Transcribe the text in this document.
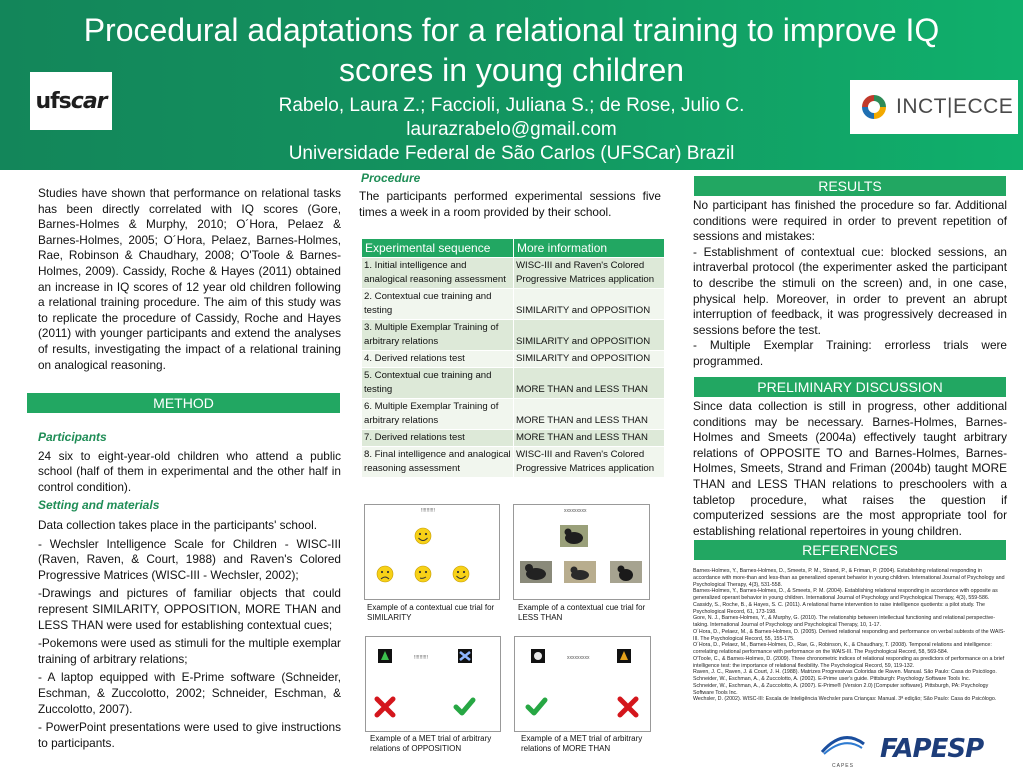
Procedural adaptations for a relational training to improve IQ scores in young children
ufs car	Rabelo, Laura Z.; Faccioli, Juliana S.; de Rose, Julio C.
laurazrabelo@gmail.com
Universidade Federal de São Carlos (UFSCar) Brazil
INCT|ECCE
Studies have shown that performance on relational tasks has been directly correlated with IQ scores (Gore, Barnes-Holmes & Murphy, 2010; O´Hora, Pelaez & Barnes-Holmes, 2005; O´Hora, Pelaez, Barnes-Holmes, Rae, Robinson & Chaudhary, 2008; O'Toole & Barnes-Holmes, 2009). Cassidy, Roche & Hayes (2011) obtained an increase in IQ scores of 12 year old children following a relational training procedure. The aim of this study was to replicate the procedure of Cassidy, Roche and Hayes (2011) with younger participants and extend the analyses of results, investigating the impact of a relational training on analogical reasoning.
METHOD
Participants
24 six to eight-year-old children who attend a public school (half of them in experimental and the other half in control condition).
Setting and materials
Data collection takes place in the participants' school.
- Wechsler Intelligence Scale for Children - WISC-III (Raven, Raven, & Court, 1988) and Raven's Colored Progressive Matrices (WISC-III - Wechsler, 2002);
-Drawings and pictures of familiar objects that could represent SIMILARITY, OPPOSITION, MORE THAN and LESS THAN were used for establishing contextual cues;
-Pokemons were used as stimuli for the multiple exemplar training of arbitrary relations;
- A laptop equipped with E-Prime software (Schneider, Eschman, & Zuccolotto, 2002; Schneider, Eschman, & Zuccolotto, 2007).
- PowerPoint presentations were used to give instructions to participants.
Procedure
The participants performed experimental sessions five times a week in a room provided by their school.
Experimental sequence	More information
1. Initial intelligence and analogical reasoning assessment	WISC-III and Raven's Colored Progressive Matrices application
2. Contextual cue training and testing	SIMILARITY and OPPOSITION
3. Multiple Exemplar Training of arbitrary relations	SIMILARITY and OPPOSITION
4. Derived relations test	SIMILARITY and OPPOSITION
5. Contextual cue training and testing	MORE THAN and LESS THAN
6. Multiple Exemplar Training of arbitrary relations	MORE THAN and LESS THAN
7. Derived relations test	MORE THAN and LESS THAN
8. Final intelligence and analogical reasoning assessment	WISC-III and Raven's Colored Progressive Matrices application
!!!!!!!!!!
Example of a contextual cue trial for SIMILARITY
xxxxxxxxx
Example of a contextual cue trial for LESS THAN
!!!!!!!!!!
Example of a MET trial of arbitrary relations of OPPOSITION
xxxxxxxxx
Example of a MET trial of arbitrary relations of MORE THAN
RESULTS
No participant has finished the procedure so far. Additional conditions were required in order to prevent repetition of sessions and mistakes:
- Establishment of contextual cue: blocked sessions, an intraverbal protocol (the experimenter asked the participant to describe the stimuli on the screen) and, in one case, physical help. Moreover, in order to prevent an abrupt interruption of feedback, it was progressively decreased in sessions before the test.
- Multiple Exemplar Training: errorless trials were programmed.
PRELIMINARY DISCUSSION
Since data collection is still in progress, other additional conditions may be necessary. Barnes-Holmes, Barnes-Holmes and Smeets (2004a) effectively taught arbitrary relations of OPPOSITE TO and Barnes-Holmes, Barnes-Holmes, Smeets, Strand and Friman (2004b) taught MORE THAN and LESS THAN relations to preschoolers with a tabletop procedure, what raises the question if computerized sessions are the most appropriate tool for establishing relational repertoires in young children.
REFERENCES
Barnes-Holmes, Y., Barnes-Holmes, D., Smeets, P. M., Strand, P., & Friman, P. (2004). Establishing relational responding in accordance with more-than and less-than as generalized operant behavior in young children. International Journal of Psychology and Psychological Therapy, 4(3), 531-558.
Barnes-Holmes, Y., Barnes-Holmes, D., & Smeets, P. M. (2004). Establishing relational responding in accordance with opposite as generalized operant behavior in young children. International Journal of Psychology and Psychological Therapy, 4(3), 559-586.
Cassidy, S., Roche, B., & Hayes, S. C. (2011). A relational frame intervention to raise intelligence quotients: a pilot study. The Psychological Record, 61, 173-198.
Gore, N. J., Barnes-Holmes, Y., & Murphy, G. (2010). The relationship between intellectual functioning and relational perspective-taking. International Journal of Psychology and Psychological Therapy, 10, 1-17.
O´Hora, D., Pelaez, M., & Barnes-Holmes, D. (2005). Derived relational responding and performance on verbal subtests of the WAIS-III. The Psychological Record, 55, 155-175.
O´Hora, D., Pelaez, M., Barnes-Holmes, D., Rae, G., Robinson, K., & Chaudhary, T. (2008). Temporal relations and intelligence: correlating relational performance with performance on the WAIS-III. The Psychological Record, 58, 569-584.
O'Toole, C., & Barnes-Holmes, D. (2009). Three chronometric indices of relational responding as predictors of performance on a brief intelligence test: the importance of relational flexibility. The Psychological Record, 59, 119-132.
Raven, J. C., Raven, J. & Court, J. H. (1988). Matrizes Progressivas Coloridas de Raven. Manual. São Paulo: Casa do Psicólogo.
Schneider, W., Eschman, A., & Zuccolotto, A. (2002). E-Prime user's guide. Pittsburgh: Psychology Software Tools Inc.
Schneider, W., Eschman, A., & Zuccolotto, A. (2007). E-Prime® (Version 2.0) [Computer software]. Pittsburgh, PA: Psychology Software Tools Inc.
Wechsler, D. (2002). WISC-III: Escala de Inteligência Wechsler para Crianças: Manual. 3ª edição; São Paulo: Casa do Psicólogo.
CAPES
FAPESP
